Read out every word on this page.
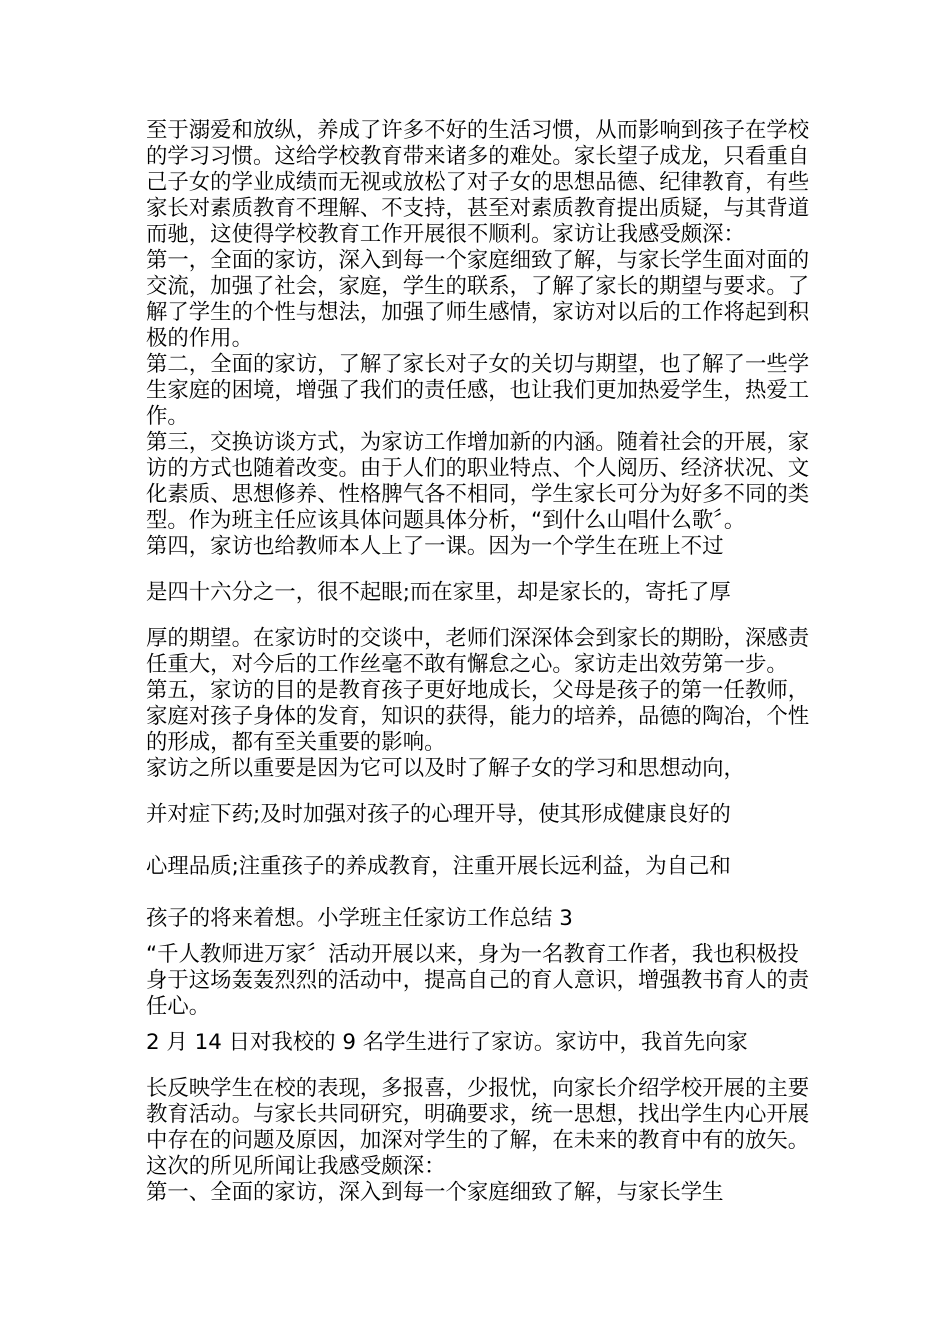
至于溺爱和放纵，养成了许多不好的生活习惯，从而影响到孩子在学校的学习习惯。这给学校教育带来诸多的难处。家长望子成龙，只看重自己子女的学业成绩而无视或放松了对子女的思想品德、纪律教育，有些家长对素质教育不理解、不支持，甚至对素质教育提出质疑，与其背道而驰，这使得学校教育工作开展很不顺利。家访让我感受颇深：

第一，全面的家访，深入到每一个家庭细致了解，与家长学生面对面的交流，加强了社会，家庭，学生的联系，了解了家长的期望与要求。了解了学生的个性与想法，加强了师生感情，家访对以后的工作将起到积极的作用。

第二，全面的家访，了解了家长对子女的关切与期望，也了解了一些学生家庭的困境，增强了我们的责任感，也让我们更加热爱学生，热爱工作。

第三，交换访谈方式，为家访工作增加新的内涵。随着社会的开展，家访的方式也随着改变。由于人们的职业特点、个人阅历、经济状况、文化素质、思想修养、性格脾气各不相同，学生家长可分为好多不同的类型。作为班主任应该具体问题具体分析，“到什么山唱什么歌〞。

第四，家访也给教师本人上了一课。因为一个学生在班上不过

是四十六分之一，很不起眼;而在家里，却是家长的，寄托了厚

厚的期望。在家访时的交谈中，老师们深深体会到家长的期盼，深感责任重大，对今后的工作丝毫不敢有懈怠之心。家访走出效劳第一步。

第五，家访的目的是教育孩子更好地成长，父母是孩子的第一任教师，家庭对孩子身体的发育，知识的获得，能力的培养，品德的陶冶，个性的形成，都有至关重要的影响。

家访之所以重要是因为它可以及时了解子女的学习和思想动向，

并对症下药;及时加强对孩子的心理开导，使其形成健康良好的

心理品质;注重孩子的养成教育，注重开展长远利益，为自己和

孩子的将来着想。小学班主任家访工作总结 3

“千人教师进万家〞活动开展以来，身为一名教育工作者，我也积极投身于这场轰轰烈烈的活动中，提高自己的育人意识，增强教书育人的责任心。

2 月 14 日对我校的 9 名学生进行了家访。家访中，我首先向家

长反映学生在校的表现，多报喜，少报忧，向家长介绍学校开展的主要教育活动。与家长共同研究，明确要求，统一思想，找出学生内心开展中存在的问题及原因，加深对学生的了解，在未来的教育中有的放矢。这次的所见所闻让我感受颇深：

第一、全面的家访，深入到每一个家庭细致了解，与家长学生
